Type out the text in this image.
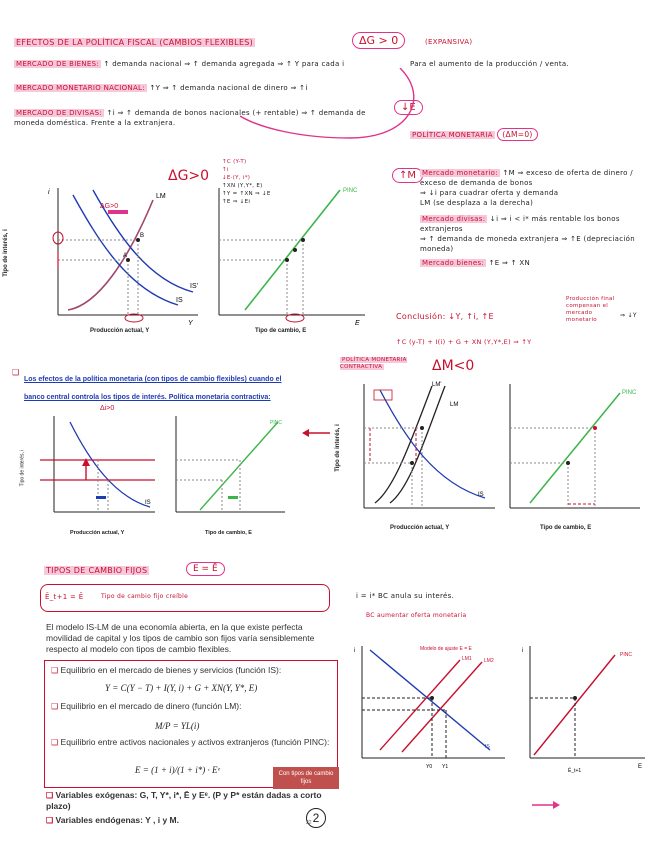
EFECTOS DE LA POLÍTICA FISCAL (CAMBIOS FLEXIBLES)	ΔG > 0	(EXPANSIVA)
MERCADO DE BIENES: ↑ demanda nacional ⇒ ↑ demanda agregada ⇒ ↑ Y para cada i	Para el aumento de la producción / venta.
MERCADO MONETARIO NACIONAL: ↑Y ⇒ ↑ demanda nacional de dinero ⇒ ↑i
MERCADO DE DIVISAS: ↑i ⇒ ↑ demanda de bonos nacionales (+ rentable) ⇒ ↑ demanda de moneda doméstica. Frente a la extranjera.
↓E
POLÍTICA MONETARIA (ΔM=0)
ΔG>0
i
Y
LM
IS
IS'
ΔG>0
A
B
Tipo de interés, i
Producción actual, Y
E
PINC
↑C (Y-T)
↑i
↓E·(Y, i*)
↑XN (Y,Y*, E)
↑Y = ↑XN ⇒ ↓E
↑E ⇒ ↓Ei
Tipo de cambio, E
↑M Mercado monetario: ↑M ⇒ exceso de oferta de dinero / exceso de demanda de bonos
⇒ ↓i para cuadrar oferta y demanda
LM (se desplaza a la derecha)
Mercado divisas: ↓i ⇒ i < i* más rentable los bonos extranjeros
⇒ ↑ demanda de moneda extranjera ⇒ ↑E (depreciación moneda)
Mercado bienes: ↑E ⇒ ↑ XN
Conclusión: ↓Y, ↑i, ↑E
Producción final compensan el mercado monetario
⇒ ↓Y
↑C (y-T) + I(i) + G + XN (Y,Y*,E) ⇒ ↑Y
❑
Los efectos de la política monetaria (con tipos de cambio flexibles) cuando el banco central controla los tipos de interés. Política monetaria contractiva:
Δi>0
IS
Tipo de interés, i
Producción actual, Y
PINC
Tipo de cambio, E
POLÍTICA MONETARIA CONTRACTIVA	ΔM<0
LM'
LM
IS
Tipo de interés, i
Producción actual, Y
PINC
Tipo de cambio, E
TIPOS DE CAMBIO FIJOS	E = Ē
Ē_t+1 = Ē	Tipo de cambio fijo creíble
El modelo IS-LM de una economía abierta, en la que existe perfecta movilidad de capital y los tipos de cambio son fijos varía sensiblemente respecto al modelo con tipos de cambio flexibles.
❑ Equilibrio en el mercado de bienes y servicios (función IS):
Y = C(Y − T) + I(Y, i) + G + XN(Y, Y*, E)
❑ Equilibrio en el mercado de dinero (función LM):
M/P = YL(i)
❑ Equilibrio entre activos nacionales y activos extranjeros (función PINC):
E = (1 + i)/(1 + i*) · Eᵉ	Con tipos de cambio fijos
❑ Variables exógenas: G, T, Y*, i*, Ē y Eᵉ. (P y P* están dadas a corto plazo)
❑ Variables endógenas: Y , i y M.	22 2
i = i* BC anula su interés.
BC aumentar oferta monetaria
i
LM1 LM2
IS
Modelo de ajuste E = E
Y0 Y1
i
E
PINC
Ē_t+1
